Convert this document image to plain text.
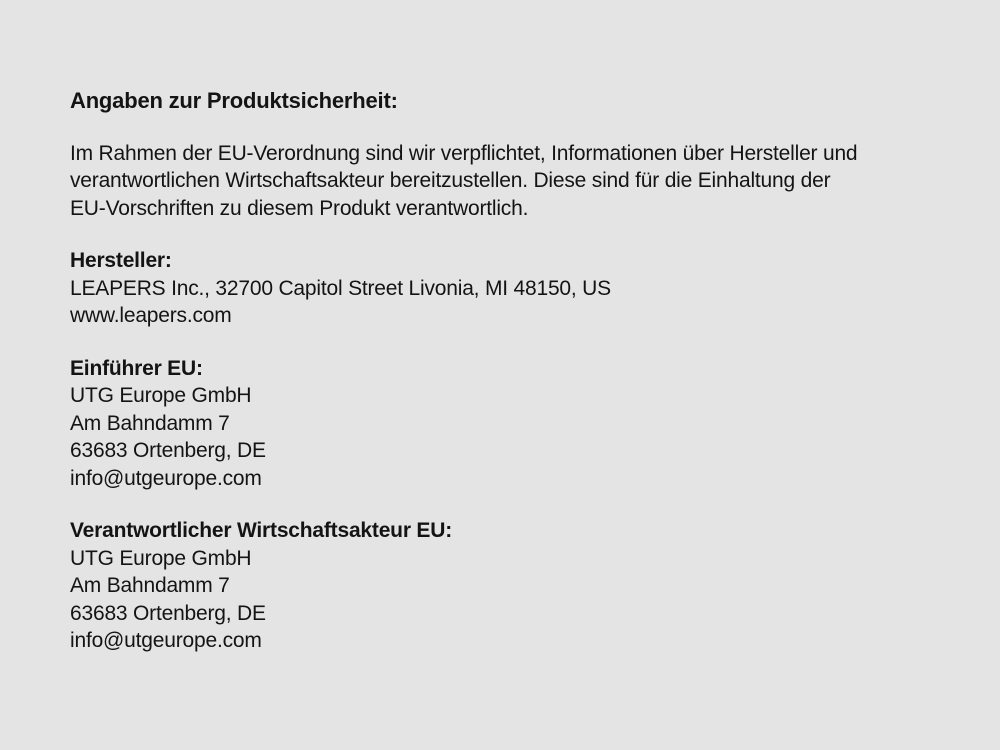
Angaben zur Produktsicherheit:
Im Rahmen der EU-Verordnung sind wir verpflichtet, Informationen über Hersteller und
verantwortlichen Wirtschaftsakteur bereitzustellen. Diese sind für die Einhaltung der
EU-Vorschriften zu diesem Produkt verantwortlich.
Hersteller:
LEAPERS Inc., 32700 Capitol Street Livonia, MI 48150, US
www.leapers.com
Einführer EU:
UTG Europe GmbH
Am Bahndamm 7
63683 Ortenberg, DE
info@utgeurope.com
Verantwortlicher Wirtschaftsakteur EU:
UTG Europe GmbH
Am Bahndamm 7
63683 Ortenberg, DE
info@utgeurope.com
